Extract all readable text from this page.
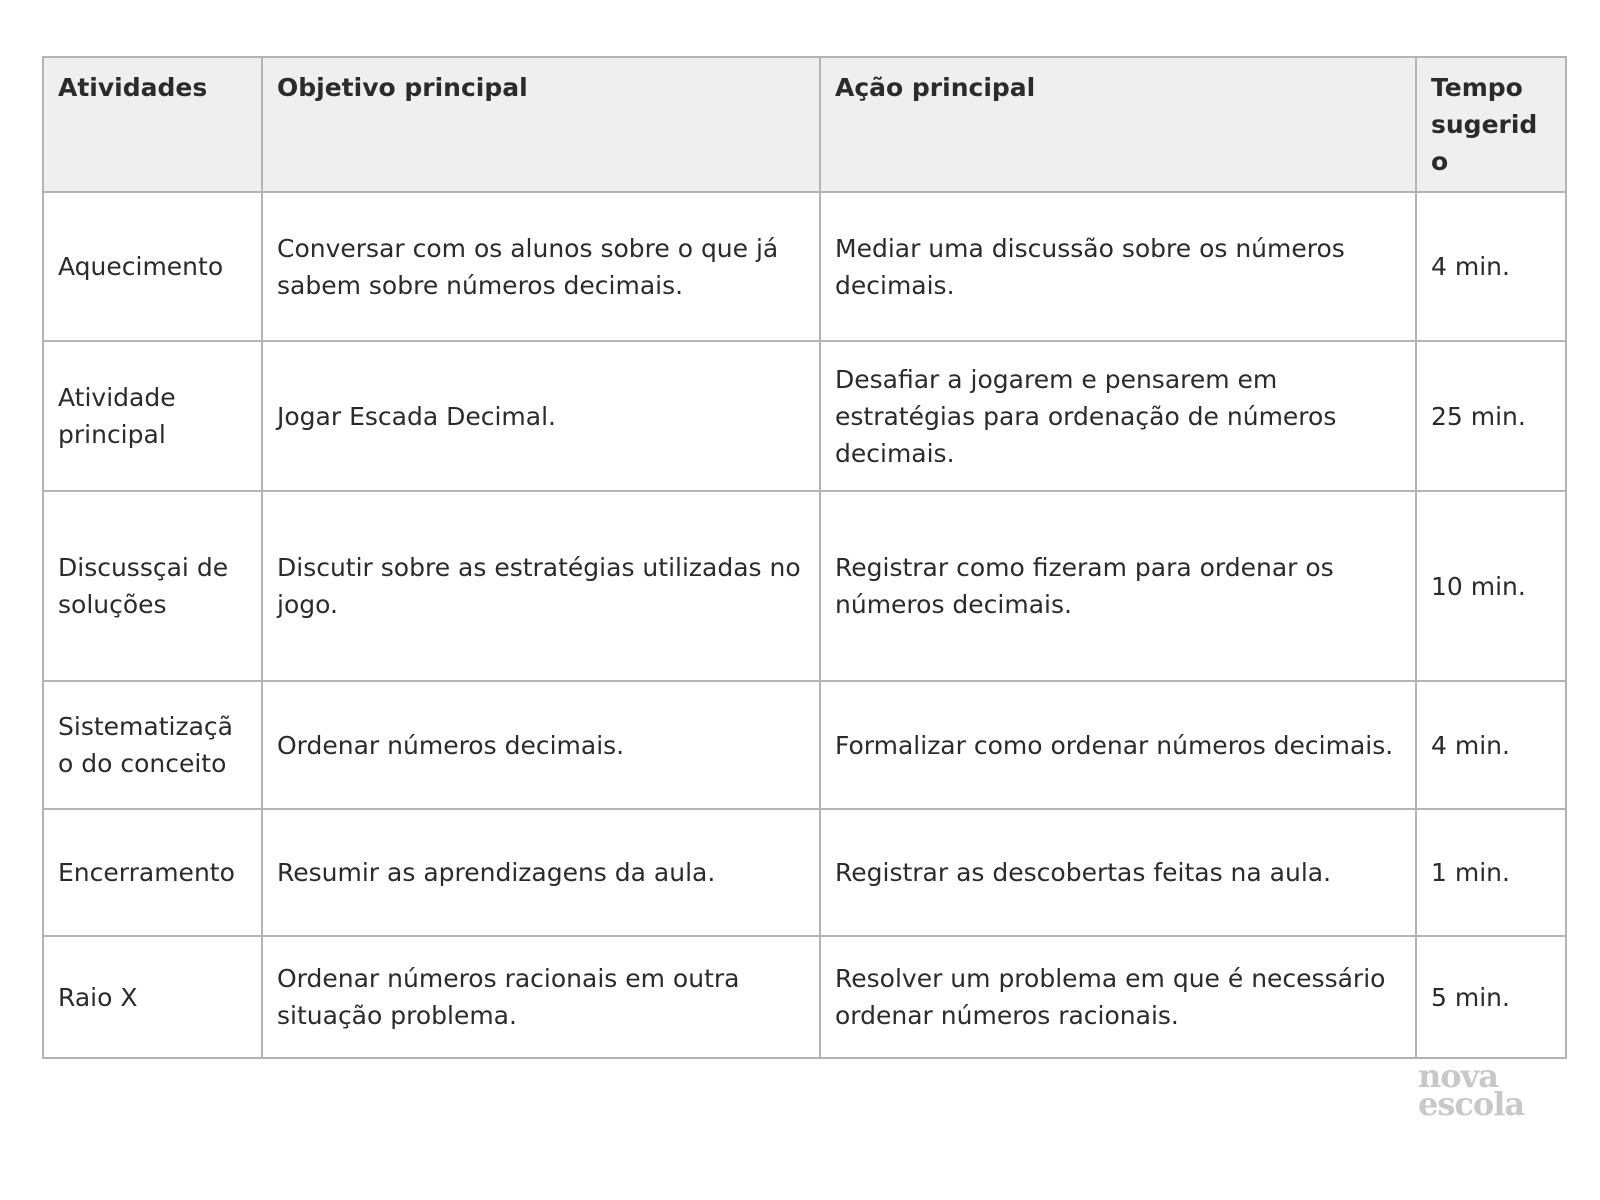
Atividades	Objetivo principal	Ação principal	Tempo sugerido
Aquecimento	Conversar com os alunos sobre o que já sabem sobre números decimais.	Mediar uma discussão sobre os números decimais.	4 min.
Atividade principal	Jogar Escada Decimal.	Desafiar a jogarem e pensarem em estratégias para ordenação de números decimais.	25 min.
Discussçai de soluções	Discutir sobre as estratégias utilizadas no jogo.	Registrar como fizeram para ordenar os números decimais.	10 min.
Sistematização do conceito	Ordenar números decimais.	Formalizar como ordenar números decimais.	4 min.
Encerramento	Resumir as aprendizagens da aula.	Registrar as descobertas feitas na aula.	1 min.
Raio X	Ordenar números racionais em outra situação problema.	Resolver um problema em que é necessário ordenar números racionais.	5 min.
nova
escola
